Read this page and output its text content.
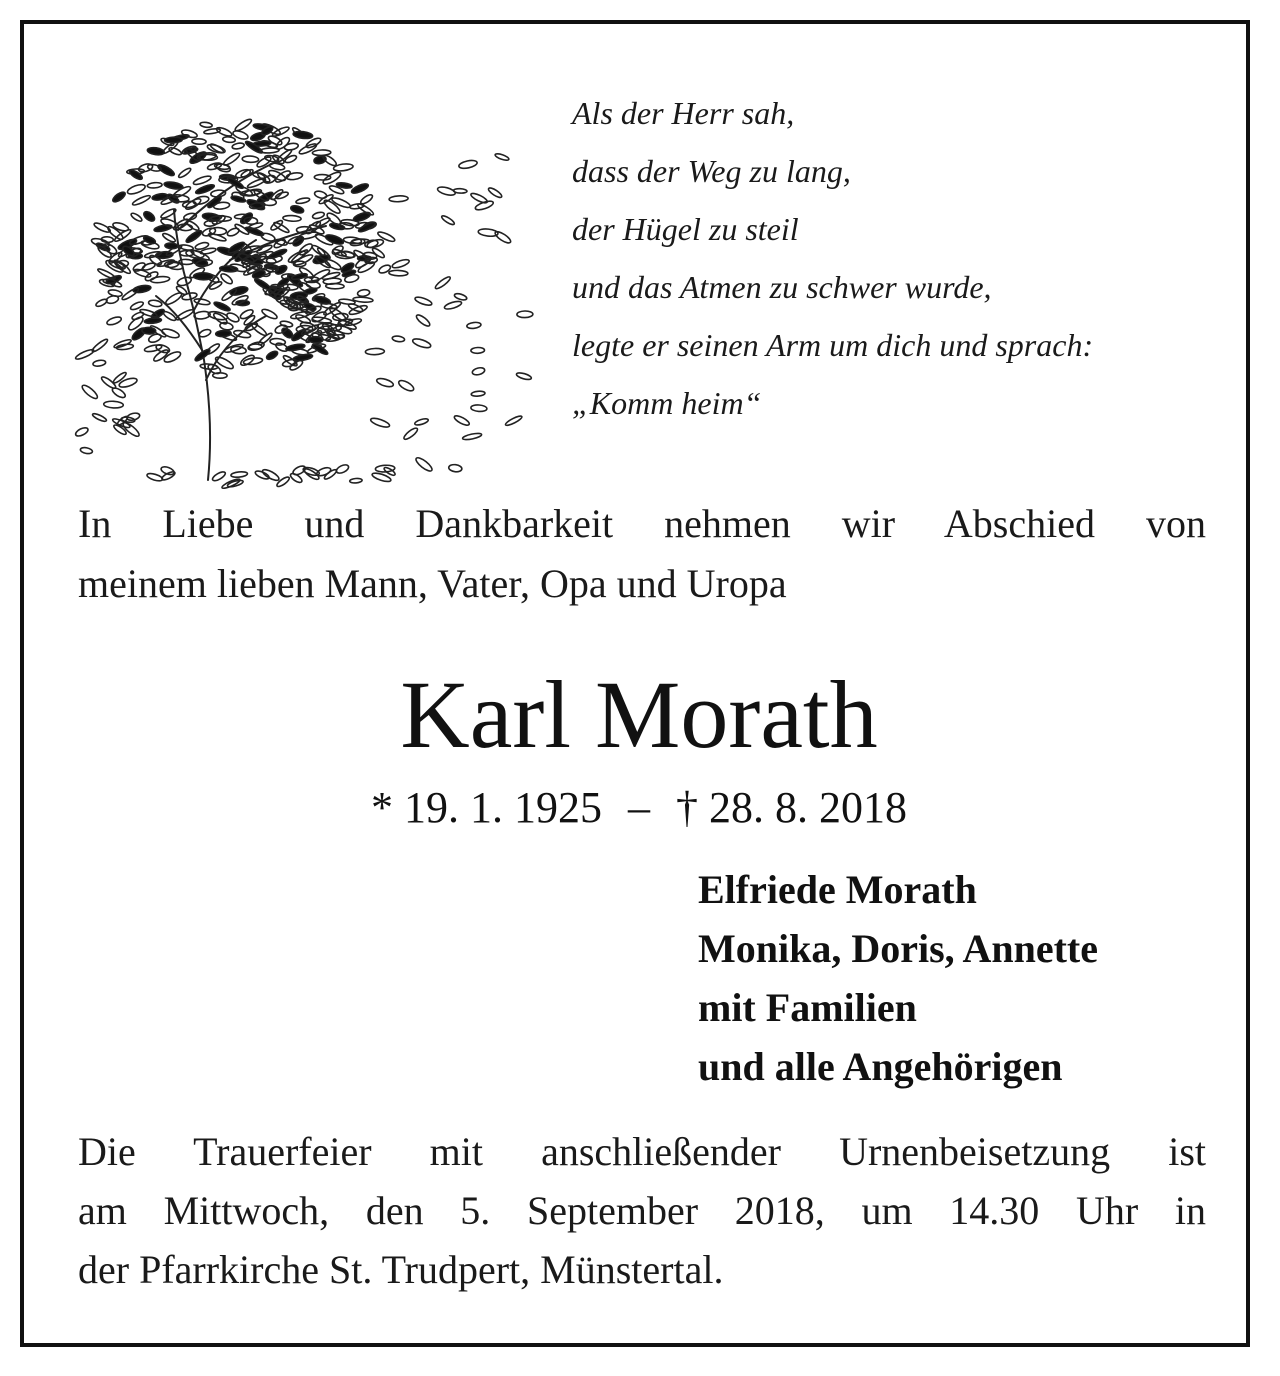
Als der Herr sah,
dass der Weg zu lang,
der Hügel zu steil
und das Atmen zu schwer wurde,
legte er seinen Arm um dich und sprach:
„Komm heim“
In Liebe und Dankbarkeit nehmen wir Abschied von
meinem lieben Mann, Vater, Opa und Uropa
Karl Morath
* 19. 1. 1925 – † 28. 8. 2018
Elfriede Morath
Monika, Doris, Annette
mit Familien
und alle Angehörigen
Die Trauerfeier mit anschließender Urnenbeisetzung ist
am Mittwoch, den 5. September 2018, um 14.30 Uhr in
der Pfarrkirche St. Trudpert, Münstertal.
